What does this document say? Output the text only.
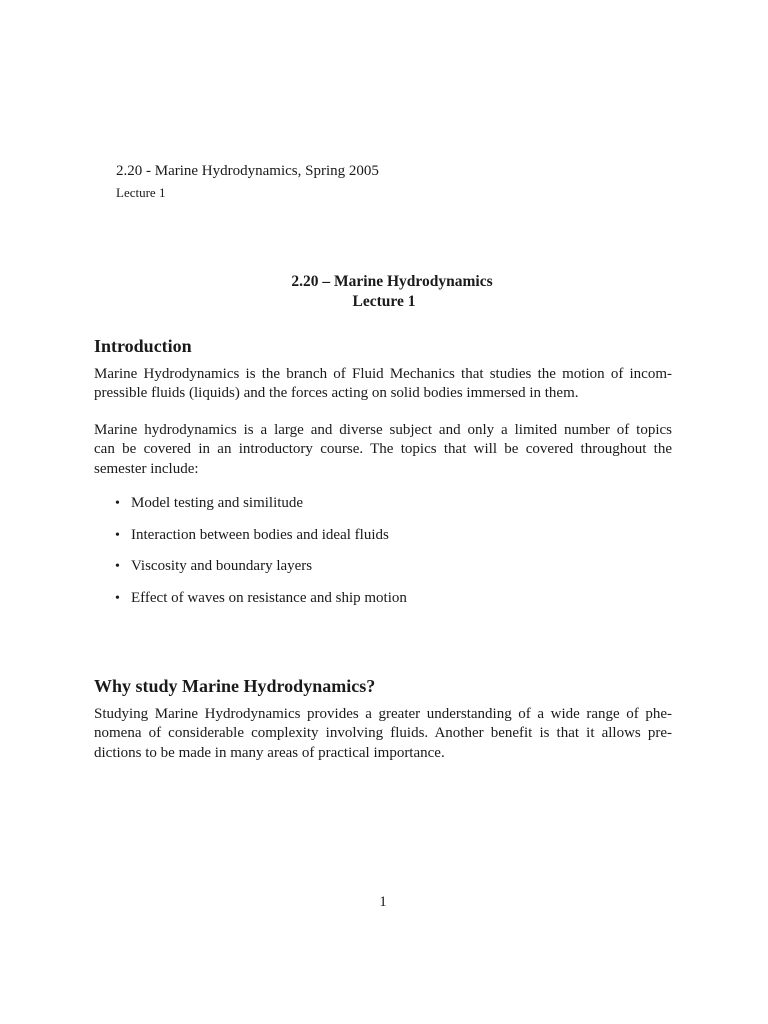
2.20 - Marine Hydrodynamics, Spring 2005
Lecture 1
2.20 – Marine Hydrodynamics
Lecture 1
Introduction

Marine Hydrodynamics is the branch of Fluid Mechanics that studies the motion of incom-
pressible fluids (liquids) and the forces acting on solid bodies immersed in them.

Marine hydrodynamics is a large and diverse subject and only a limited number of topics
can be covered in an introductory course. The topics that will be covered throughout the
semester include:

• Model testing and similitude
• Interaction between bodies and ideal fluids
• Viscosity and boundary layers
• Effect of waves on resistance and ship motion
Why study Marine Hydrodynamics?

Studying Marine Hydrodynamics provides a greater understanding of a wide range of phe-
nomena of considerable complexity involving fluids. Another benefit is that it allows pre-
dictions to be made in many areas of practical importance.

1
